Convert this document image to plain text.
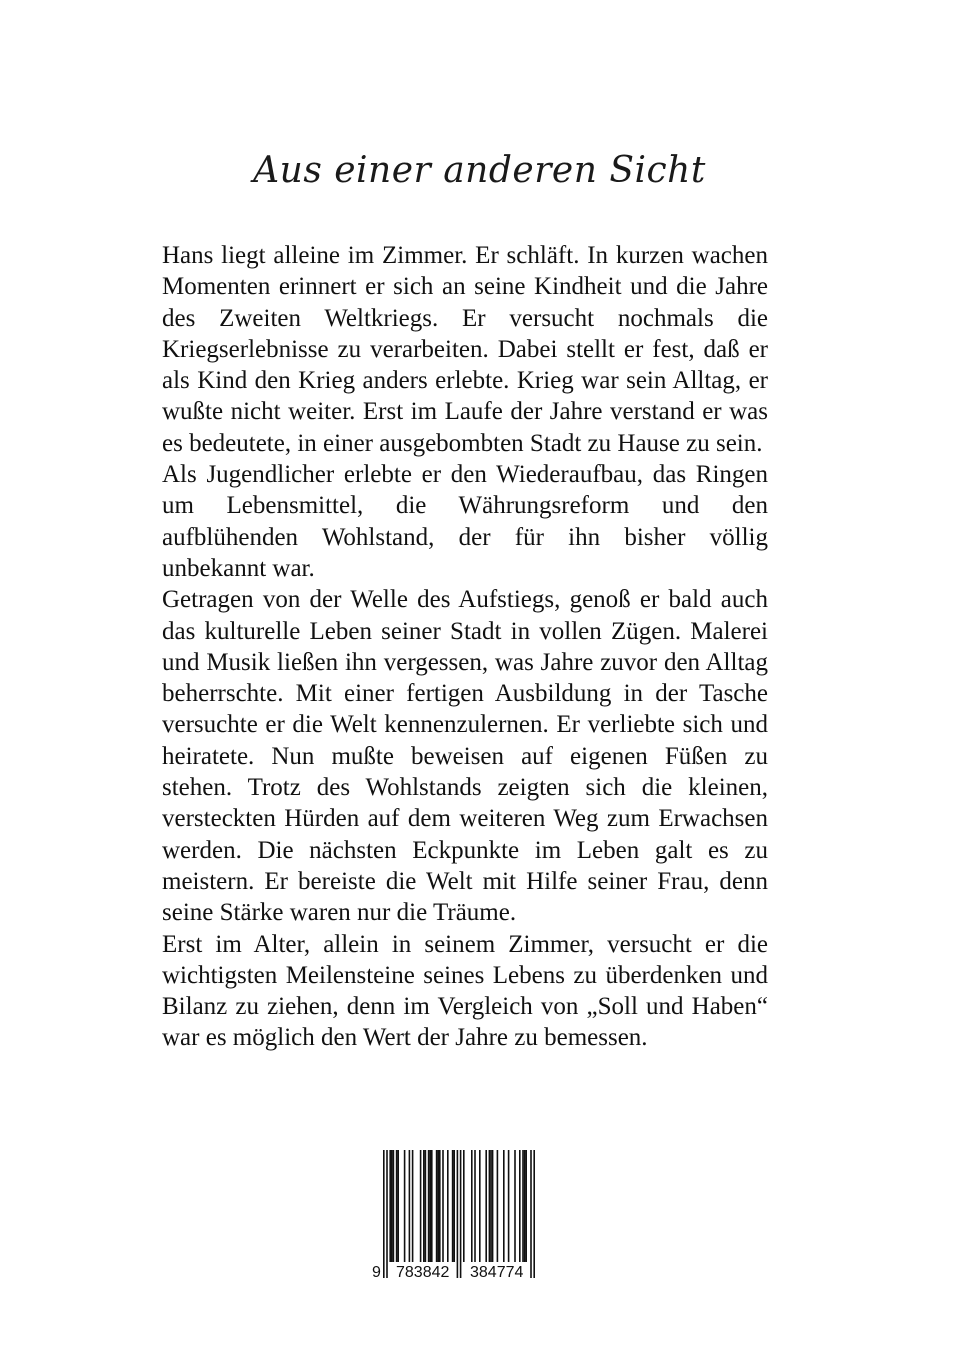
Aus einer anderen Sicht

Hans liegt alleine im Zimmer. Er schläft. In kurzen wachen Momenten erinnert er sich an seine Kindheit und die Jahre des Zweiten Weltkriegs. Er versucht nochmals die Kriegserlebnisse zu verarbeiten. Dabei stellt er fest, daß er als Kind den Krieg anders erlebte. Krieg war sein Alltag, er wußte nicht weiter. Erst im Laufe der Jahre verstand er was es bedeutete, in einer ausgebombten Stadt zu Hause zu sein.

Als Jugendlicher erlebte er den Wiederaufbau, das Ringen um Lebensmittel, die Währungsreform und den aufblühenden Wohlstand, der für ihn bisher völlig unbekannt war.

Getragen von der Welle des Aufstiegs, genoß er bald auch das kulturelle Leben seiner Stadt in vollen Zügen. Malerei und Musik ließen ihn vergessen, was Jahre zuvor den Alltag beherrschte. Mit einer fertigen Ausbildung in der Tasche versuchte er die Welt kennenzulernen. Er verliebte sich und heiratete. Nun mußte beweisen auf eigenen Füßen zu stehen. Trotz des Wohlstands zeigten sich die kleinen, versteckten Hürden auf dem weiteren Weg zum Erwachsen werden. Die nächsten Eckpunkte im Leben galt es zu meistern. Er bereiste die Welt mit Hilfe seiner Frau, denn seine Stärke waren nur die Träume.

Erst im Alter, allein in seinem Zimmer, versucht er die wichtigsten Meilensteine seines Lebens zu überdenken und Bilanz zu ziehen, denn im Vergleich von „Soll und Haben“ war es möglich den Wert der Jahre zu bemessen.

9 783842 384774
